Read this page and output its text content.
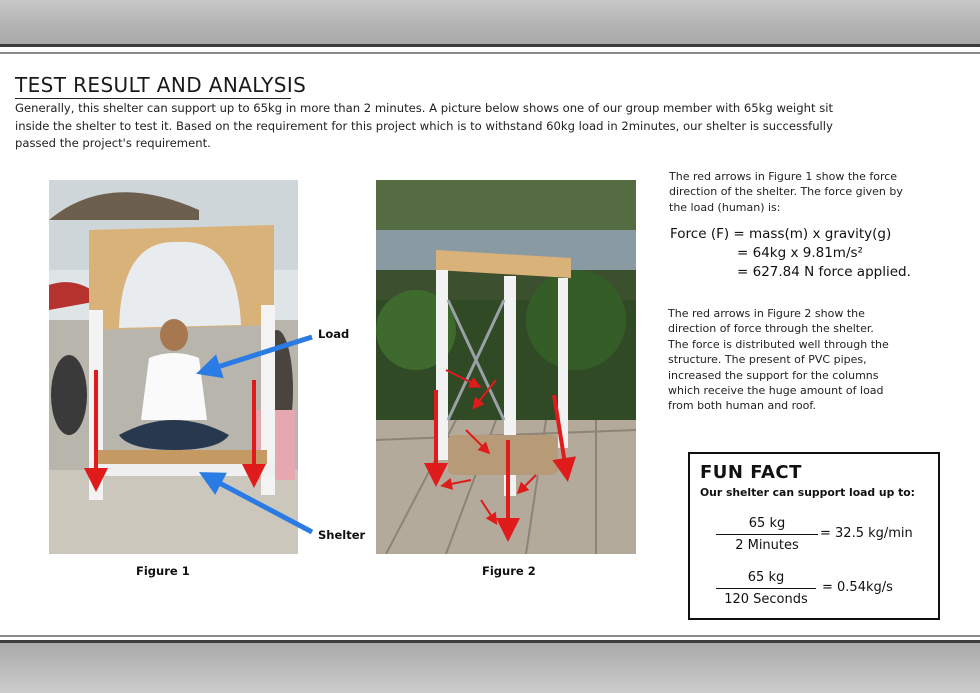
TEST RESULT AND ANALYSIS

Generally, this shelter can support up to 65kg in more than 2 minutes. A picture below shows one of our group member with 65kg weight sit inside the shelter to test it. Based on the requirement for this project which is to withstand 60kg load in 2minutes, our shelter is successfully passed the project's requirement.

Load
Shelter
Figure 1	Figure 2

The red arrows in Figure 1 show the force direction of the shelter. The force given by the load (human) is:

Force (F) = mass(m) x gravity(g)
= 64kg x 9.81m/s²
= 627.84 N force applied.

The red arrows in Figure 2 show the direction of force through the shelter. The force is distributed well through the structure. The present of PVC pipes, increased the support for the columns which receive the huge amount of load from both human and roof.

FUN FACT
Our shelter can support load up to:
65 kg
2 Minutes
= 32.5 kg/min
65 kg
120 Seconds
= 0.54kg/s
